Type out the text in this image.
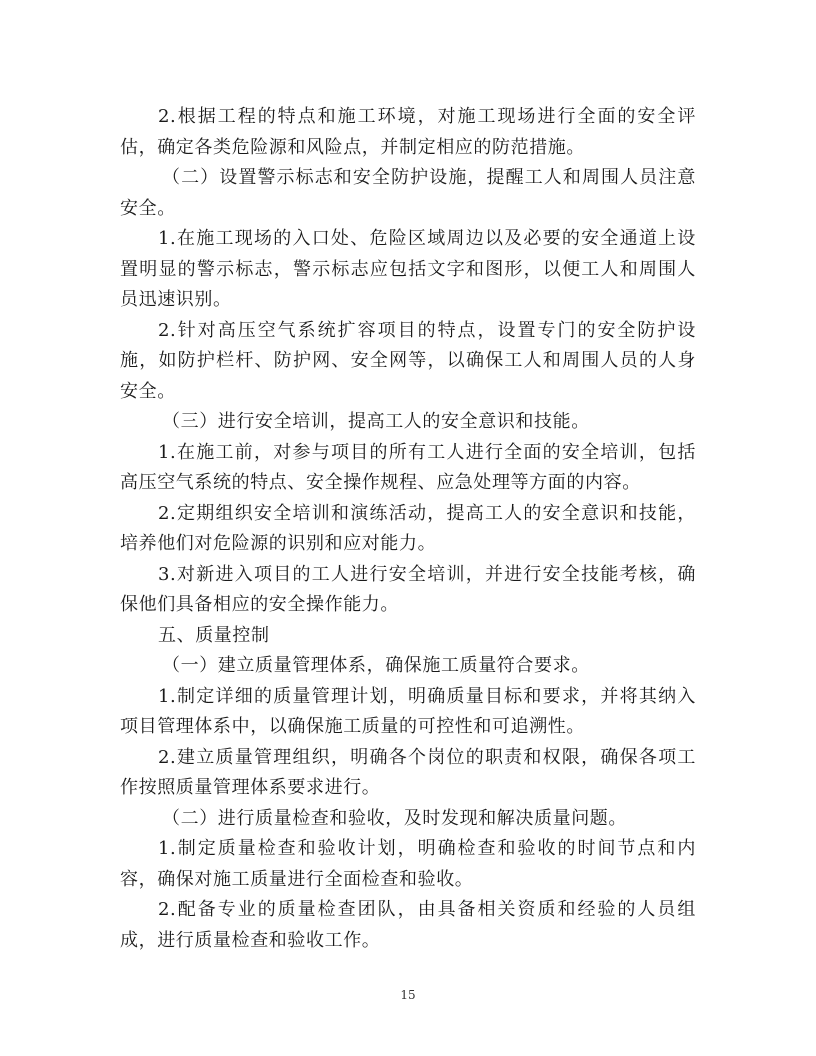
2.根据工程的特点和施工环境，对施工现场进行全面的安全评估，确定各类危险源和风险点，并制定相应的防范措施。

（二）设置警示标志和安全防护设施，提醒工人和周围人员注意安全。

1.在施工现场的入口处、危险区域周边以及必要的安全通道上设置明显的警示标志，警示标志应包括文字和图形，以便工人和周围人员迅速识别。

2.针对高压空气系统扩容项目的特点，设置专门的安全防护设施，如防护栏杆、防护网、安全网等，以确保工人和周围人员的人身安全。

（三）进行安全培训，提高工人的安全意识和技能。

1.在施工前，对参与项目的所有工人进行全面的安全培训，包括高压空气系统的特点、安全操作规程、应急处理等方面的内容。

2.定期组织安全培训和演练活动，提高工人的安全意识和技能，培养他们对危险源的识别和应对能力。

3.对新进入项目的工人进行安全培训，并进行安全技能考核，确保他们具备相应的安全操作能力。

五、质量控制

（一）建立质量管理体系，确保施工质量符合要求。

1.制定详细的质量管理计划，明确质量目标和要求，并将其纳入项目管理体系中，以确保施工质量的可控性和可追溯性。

2.建立质量管理组织，明确各个岗位的职责和权限，确保各项工作按照质量管理体系要求进行。

（二）进行质量检查和验收，及时发现和解决质量问题。

1.制定质量检查和验收计划，明确检查和验收的时间节点和内容，确保对施工质量进行全面检查和验收。

2.配备专业的质量检查团队，由具备相关资质和经验的人员组成，进行质量检查和验收工作。

15
